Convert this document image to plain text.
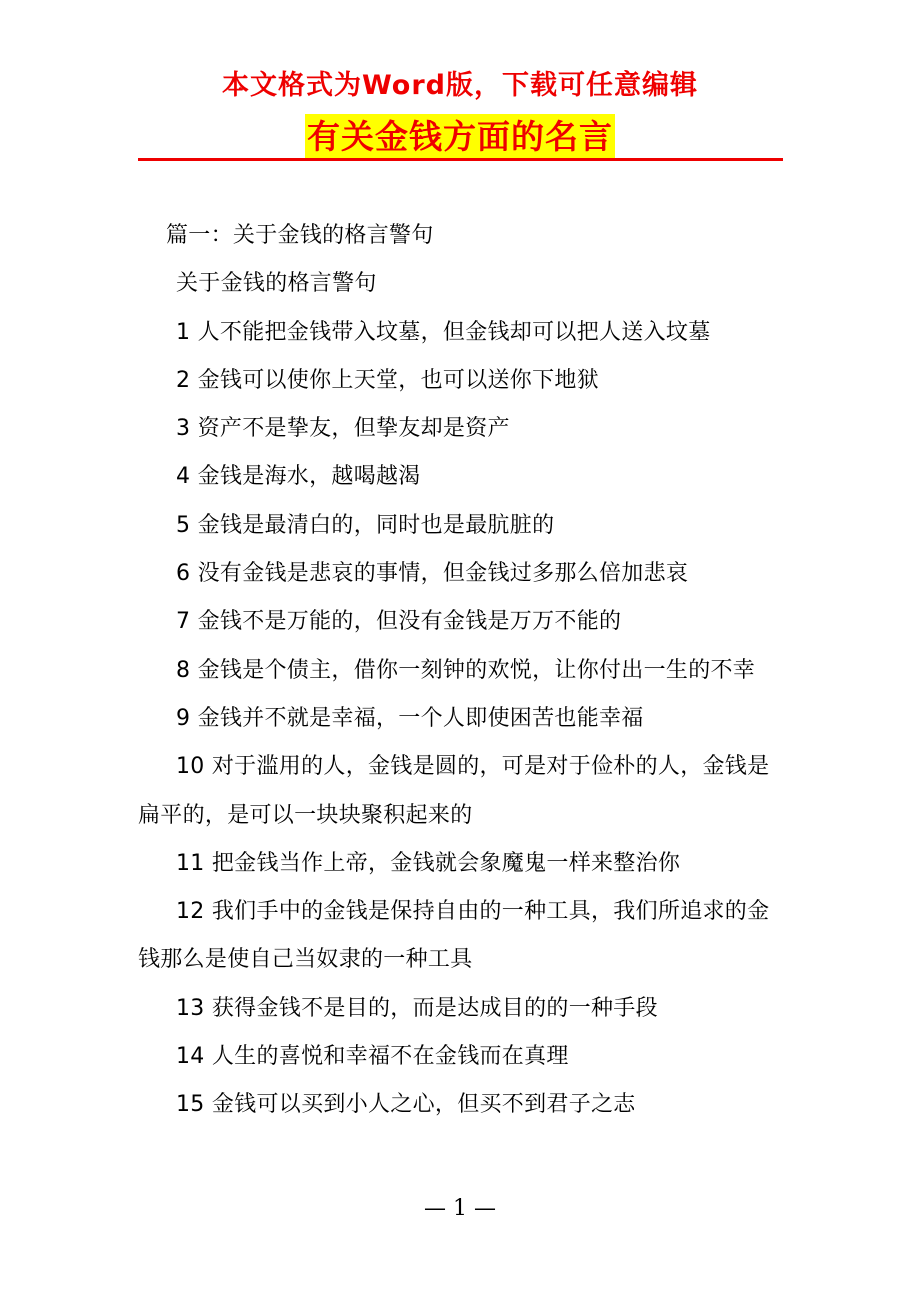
本文格式为Word版，下载可任意编辑
有关金钱方面的名言

篇一：关于金钱的格言警句

关于金钱的格言警句

1 人不能把金钱带入坟墓，但金钱却可以把人送入坟墓

2 金钱可以使你上天堂，也可以送你下地狱

3 资产不是挚友，但挚友却是资产

4 金钱是海水，越喝越渴

5 金钱是最清白的，同时也是最肮脏的

6 没有金钱是悲哀的事情，但金钱过多那么倍加悲哀

7 金钱不是万能的，但没有金钱是万万不能的

8 金钱是个债主，借你一刻钟的欢悦，让你付出一生的不幸

9 金钱并不就是幸福，一个人即使困苦也能幸福

10 对于滥用的人，金钱是圆的，可是对于俭朴的人，金钱是扁平的，是可以一块块聚积起来的

11 把金钱当作上帝，金钱就会象魔鬼一样来整治你

12 我们手中的金钱是保持自由的一种工具，我们所追求的金钱那么是使自己当奴隶的一种工具

13 获得金钱不是目的，而是达成目的的一种手段

14 人生的喜悦和幸福不在金钱而在真理

15 金钱可以买到小人之心，但买不到君子之志

— 1 —
